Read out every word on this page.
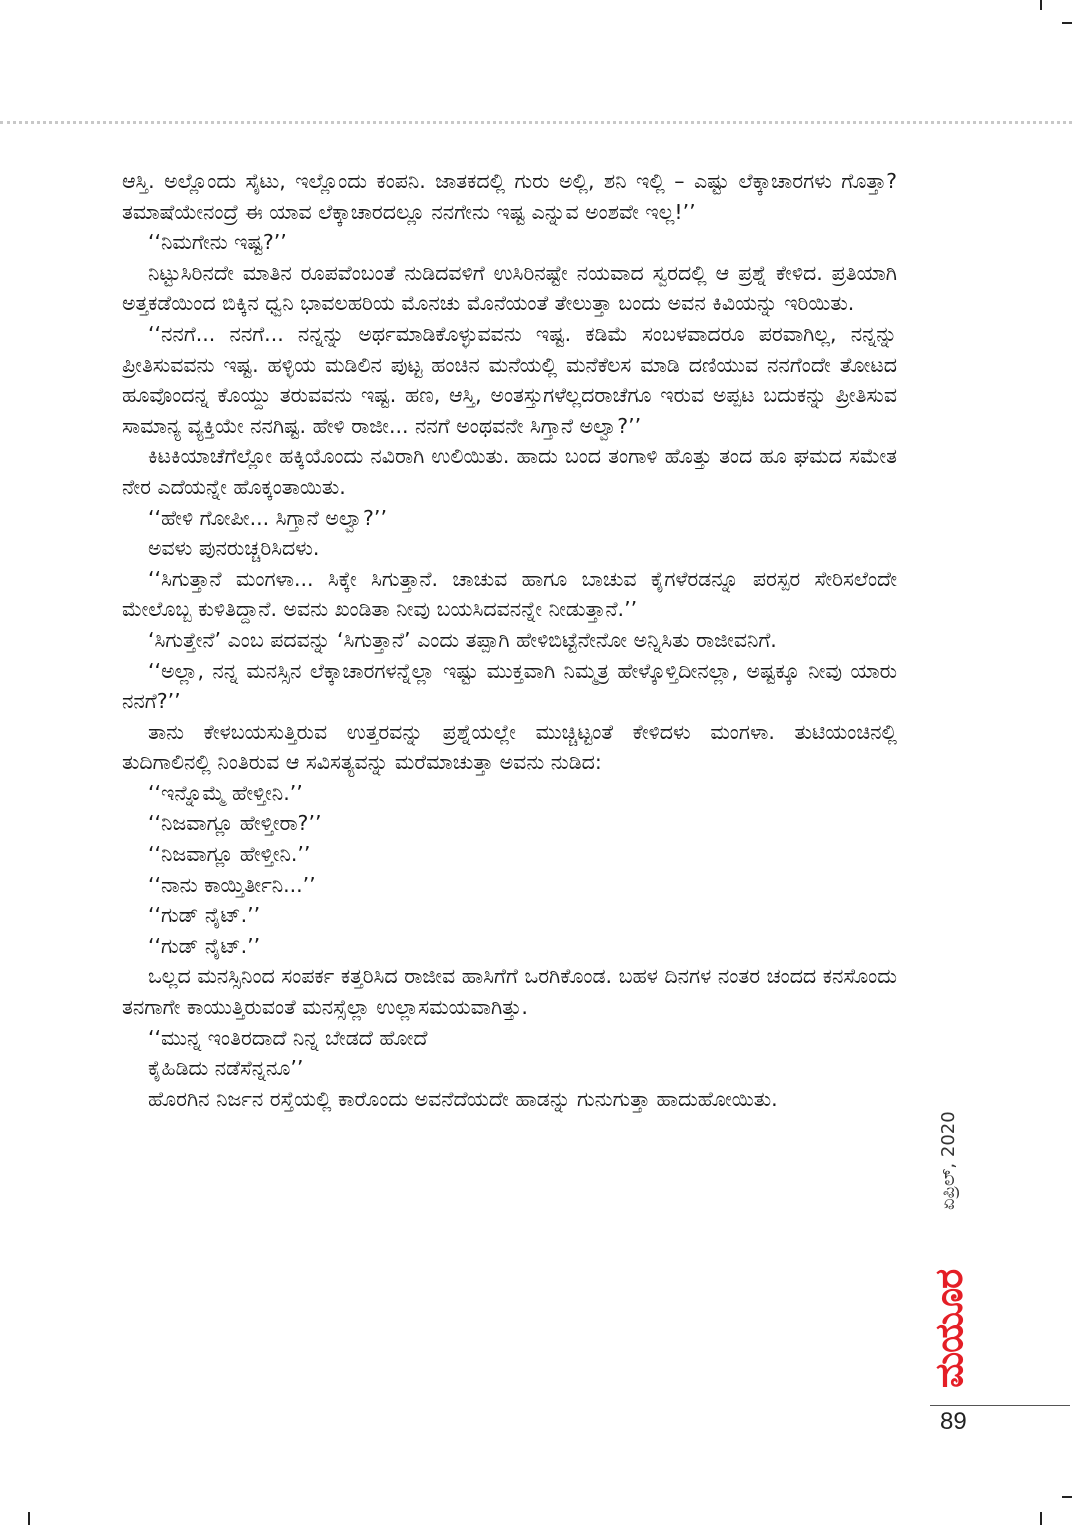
ಆಸ್ತಿ. ಅಲ್ಲೊಂದು ಸೈಟು, ಇಲ್ಲೊಂದು ಕಂಪನಿ. ಜಾತಕದಲ್ಲಿ ಗುರು ಅಲ್ಲಿ, ಶನಿ ಇಲ್ಲಿ – ಎಷ್ಟು ಲೆಕ್ಕಾಚಾರಗಳು ಗೊತ್ತಾ? ತಮಾಷೆಯೇನಂದ್ರೆ ಈ ಯಾವ ಲೆಕ್ಕಾಚಾರದಲ್ಲೂ ನನಗೇನು ಇಷ್ಟ ಎನ್ನುವ ಅಂಶವೇ ಇಲ್ಲ!’’

‘‘ನಿಮಗೇನು ಇಷ್ಟ?’’

ನಿಟ್ಟುಸಿರಿನದೇ ಮಾತಿನ ರೂಪವೆಂಬಂತೆ ನುಡಿದವಳಿಗೆ ಉಸಿರಿನಷ್ಟೇ ನಯವಾದ ಸ್ವರದಲ್ಲಿ ಆ ಪ್ರಶ್ನೆ ಕೇಳಿದ. ಪ್ರತಿಯಾಗಿ ಅತ್ತಕಡೆಯಿಂದ ಬಿಕ್ಕಿನ ಧ್ವನಿ ಭಾವಲಹರಿಯ ಮೊನಚು ಮೊನೆಯಂತೆ ತೇಲುತ್ತಾ ಬಂದು ಅವನ ಕಿವಿಯನ್ನು ಇರಿಯಿತು.

‘‘ನನಗೆ... ನನಗೆ... ನನ್ನನ್ನು ಅರ್ಥಮಾಡಿಕೊಳ್ಳುವವನು ಇಷ್ಟ. ಕಡಿಮೆ ಸಂಬಳವಾದರೂ ಪರವಾಗಿಲ್ಲ, ನನ್ನನ್ನು ಪ್ರೀತಿಸುವವನು ಇಷ್ಟ. ಹಳ್ಳಿಯ ಮಡಿಲಿನ ಪುಟ್ಟ ಹಂಚಿನ ಮನೆಯಲ್ಲಿ ಮನೆಕೆಲಸ ಮಾಡಿ ದಣಿಯುವ ನನಗೆಂದೇ ತೋಟದ ಹೂವೊಂದನ್ನ ಕೊಯ್ದು ತರುವವನು ಇಷ್ಟ. ಹಣ, ಆಸ್ತಿ, ಅಂತಸ್ತುಗಳೆಲ್ಲದರಾಚೆಗೂ ಇರುವ ಅಪ್ಪಟ ಬದುಕನ್ನು ಪ್ರೀತಿಸುವ ಸಾಮಾನ್ಯ ವ್ಯಕ್ತಿಯೇ ನನಗಿಷ್ಟ. ಹೇಳಿ ರಾಜೀ... ನನಗೆ ಅಂಥವನೇ ಸಿಗ್ತಾನೆ ಅಲ್ವಾ?’’

ಕಿಟಕಿಯಾಚೆಗೆಲ್ಲೋ ಹಕ್ಕಿಯೊಂದು ನವಿರಾಗಿ ಉಲಿಯಿತು. ಹಾದು ಬಂದ ತಂಗಾಳಿ ಹೊತ್ತು ತಂದ ಹೂ ಘಮದ ಸಮೇತ ನೇರ ಎದೆಯನ್ನೇ ಹೊಕ್ಕಂತಾಯಿತು.

‘‘ಹೇಳಿ ಗೋಪೀ... ಸಿಗ್ತಾನೆ ಅಲ್ವಾ?’’

ಅವಳು ಪುನರುಚ್ಚರಿಸಿದಳು.

‘‘ಸಿಗುತ್ತಾನೆ ಮಂಗಳಾ... ಸಿಕ್ಕೇ ಸಿಗುತ್ತಾನೆ. ಚಾಚುವ ಹಾಗೂ ಬಾಚುವ ಕೈಗಳೆರಡನ್ನೂ ಪರಸ್ಪರ ಸೇರಿಸಲೆಂದೇ ಮೇಲೊಬ್ಬ ಕುಳಿತಿದ್ದಾನೆ. ಅವನು ಖಂಡಿತಾ ನೀವು ಬಯಸಿದವನನ್ನೇ ನೀಡುತ್ತಾನೆ.’’

‘ಸಿಗುತ್ತೇನೆ’ ಎಂಬ ಪದವನ್ನು ‘ಸಿಗುತ್ತಾನೆ’ ಎಂದು ತಪ್ಪಾಗಿ ಹೇಳಿಬಿಟ್ಟೆನೇನೋ ಅನ್ನಿಸಿತು ರಾಜೀವನಿಗೆ.

‘‘ಅಲ್ಲಾ, ನನ್ನ ಮನಸ್ಸಿನ ಲೆಕ್ಕಾಚಾರಗಳನ್ನೆಲ್ಲಾ ಇಷ್ಟು ಮುಕ್ತವಾಗಿ ನಿಮ್ಮತ್ರ ಹೇಳ್ಕೊಳ್ತಿದೀನಲ್ಲಾ, ಅಷ್ಟಕ್ಕೂ ನೀವು ಯಾರು ನನಗೆ?’’

ತಾನು ಕೇಳಬಯಸುತ್ತಿರುವ ಉತ್ತರವನ್ನು ಪ್ರಶ್ನೆಯಲ್ಲೇ ಮುಚ್ಚಿಟ್ಟಂತೆ ಕೇಳಿದಳು ಮಂಗಳಾ. ತುಟಿಯಂಚಿನಲ್ಲಿ ತುದಿಗಾಲಿನಲ್ಲಿ ನಿಂತಿರುವ ಆ ಸವಿಸತ್ಯವನ್ನು ಮರೆಮಾಚುತ್ತಾ ಅವನು ನುಡಿದ:

‘‘ಇನ್ನೊಮ್ಮೆ ಹೇಳ್ತೀನಿ.’’

‘‘ನಿಜವಾಗ್ಲೂ ಹೇಳ್ತೀರಾ?’’

‘‘ನಿಜವಾಗ್ಲೂ ಹೇಳ್ತೀನಿ.’’

‘‘ನಾನು ಕಾಯ್ತಿರ್ತೀನಿ...’’

‘‘ಗುಡ್ ನೈಟ್.’’

‘‘ಗುಡ್ ನೈಟ್.’’

ಒಲ್ಲದ ಮನಸ್ಸಿನಿಂದ ಸಂಪರ್ಕ ಕತ್ತರಿಸಿದ ರಾಜೀವ ಹಾಸಿಗೆಗೆ ಒರಗಿಕೊಂಡ. ಬಹಳ ದಿನಗಳ ನಂತರ ಚಂದದ ಕನಸೊಂದು ತನಗಾಗೇ ಕಾಯುತ್ತಿರುವಂತೆ ಮನಸ್ಸೆಲ್ಲಾ ಉಲ್ಲಾಸಮಯವಾಗಿತ್ತು.

‘‘ಮುನ್ನ ಇಂತಿರದಾದೆ ನಿನ್ನ ಬೇಡದೆ ಹೋದೆ

ಕೈಹಿಡಿದು ನಡೆಸೆನ್ನನೂ’’

ಹೊರಗಿನ ನಿರ್ಜನ ರಸ್ತೆಯಲ್ಲಿ ಕಾರೊಂದು ಅವನೆದೆಯದೇ ಹಾಡನ್ನು ಗುನುಗುತ್ತಾ ಹಾದುಹೋಯಿತು.

ಏಪ್ರಿಲ್, 2020
ಮಯೂರ
89
